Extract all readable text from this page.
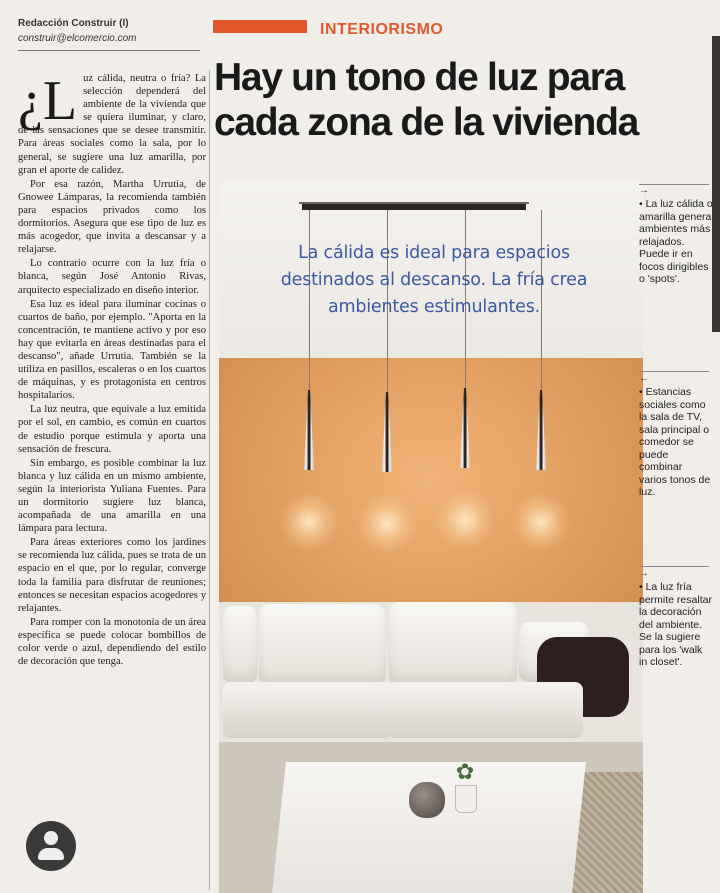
Redacción Construir (I)
construir@elcomercio.com
INTERIORISMO
Hay un tono de luz para cada zona de la vivienda

¿L uz cálida, neutra o fría? La selección dependerá del ambiente de la vivienda que se quiera iluminar, y claro, de las sensaciones que se desee transmitir. Para áreas sociales como la sala, por lo general, se sugiere una luz amarilla, por gran el aporte de calidez.

Por esa razón, Martha Urrutia, de Gnowee Lámparas, la recomienda también para espacios privados como los dormitorios. Asegura que ese tipo de luz es más acogedor, que invita a descansar y a relajarse.

Lo contrario ocurre con la luz fría o blanca, según José Antonio Rivas, arquitecto especializado en diseño interior.

Esa luz es ideal para iluminar cocinas o cuartos de baño, por ejemplo. "Aporta en la concentración, te mantiene activo y por eso hay que evitarla en áreas destinadas para el descanso", añade Urrutia. También se la utiliza en pasillos, escaleras o en los cuartos de máquinas, y es protagonista en centros hospitalarios.

La luz neutra, que equivale a luz emitida por el sol, en cambio, es común en cuartos de estudio porque estimula y aporta una sensación de frescura.

Sin embargo, es posible combinar la luz blanca y luz cálida en un mismo ambiente, según la interiorista Yuliana Fuentes. Para un dormitorio sugiere luz blanca, acompañada de una amarilla en una lámpara para lectura.

Para áreas exteriores como los jardines se recomienda luz cálida, pues se trata de un espacio en el que, por lo regular, converge toda la familia para disfrutar de reuniones; entonces se necesitan espacios acogedores y relajantes.

Para romper con la monotonía de un área específica se puede colocar bombillos de color verde o azul, dependiendo del estilo de decoración que tenga.

✿

La cálida es ideal para espacios destinados al descanso. La fría crea ambientes estimulantes.

→
• La luz cálida o amarilla genera ambientes más relajados. Puede ir en focos dirigibles o 'spots'.
←
• Estancias sociales como la sala de TV, sala principal o comedor se puede combinar varios tonos de luz.
→
• La luz fría permite resaltar la decoración del ambiente. Se la sugiere para los 'walk in closet'.
